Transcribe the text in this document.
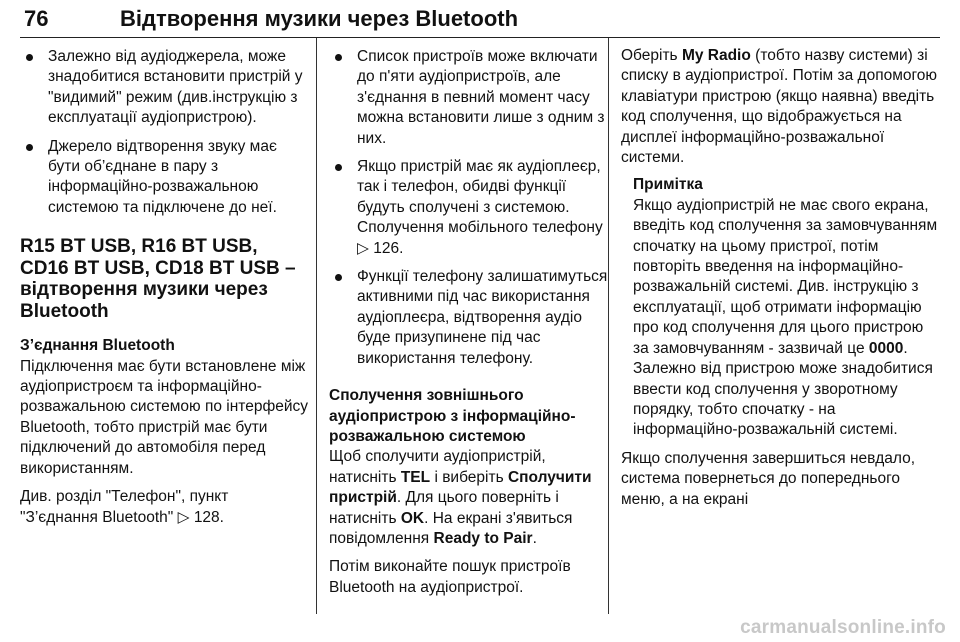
76	Відтворення музики через Bluetooth
Залежно від аудіоджерела, може знадобитися встановити пристрій у "видимий" режим (див.інструкцію з експлуатації аудіопристрою).
Джерело відтворення звуку має бути об’єднане в пару з інформаційно-розважальною системою та підключене до неї.
R15 BT USB, R16 BT USB, CD16 BT USB, CD18 BT USB – відтворення музики через Bluetooth
З’єднання Bluetooth

Підключення має бути встановлене між аудіопристроєм та інформаційно-розважальною системою по інтерфейсу Bluetooth, тобто пристрій має бути підключений до автомобіля перед використанням.

Див. розділ "Телефон", пункт "З’єднання Bluetooth" ▷ 128.

Список пристроїв може включати до п'яти аудіопристроїв, але з'єднання в певний момент часу можна встановити лише з одним з них.
Якщо пристрій має як аудіоплеєр, так і телефон, обидві функції будуть сполучені з системою. Сполучення мобільного телефону ▷ 126.
Функції телефону залишатимуться активними під час використання аудіоплеєра, відтворення аудіо буде призупинене під час використання телефону.
Сполучення зовнішнього аудіопристрою з інформаційно-розважальною системою

Щоб сполучити аудіопристрій, натисніть TEL і виберіть Сполучити пристрій. Для цього поверніть і натисніть OK. На екрані з'явиться повідомлення Ready to Pair.

Потім виконайте пошук пристроїв Bluetooth на аудіопристрої.

Оберіть My Radio (тобто назву системи) зі списку в аудіопристрої. Потім за допомогою клавіатури пристрою (якщо наявна) введіть код сполучення, що відображується на дисплеї інформаційно-розважальної системи.

Примітка

Якщо аудіопристрій не має свого екрана, введіть код сполучення за замовчуванням спочатку на цьому пристрої, потім повторіть введення на інформаційно-розважальній системі. Див. інструкцію з експлуатації, щоб отримати інформацію про код сполучення для цього пристрою за замовчуванням - зазвичай це 0000. Залежно від пристрою може знадобитися ввести код сполучення у зворотному порядку, тобто спочатку - на інформаційно-розважальній системі.

Якщо сполучення завершиться невдало, система повернеться до попереднього меню, а на екрані

carmanualsonline.info
